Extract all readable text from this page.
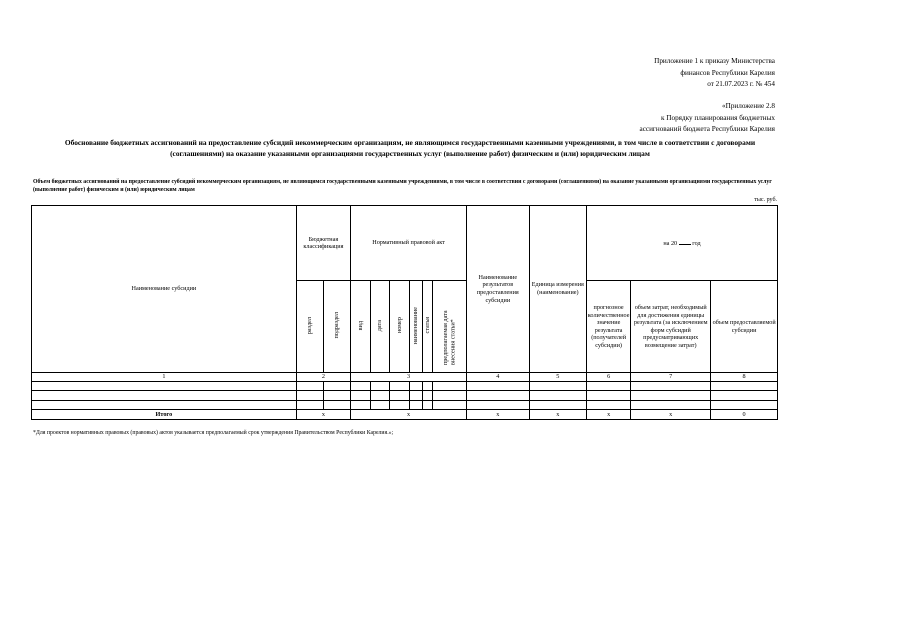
Приложение 1 к приказу Министерства
финансов Республики Карелия
от 21.07.2023 г. № 454
«Приложение 2.8
к Порядку планирования бюджетных
ассигнований бюджета Республики Карелия
Обоснование бюджетных ассигнований на предоставление субсидий некоммерческим организациям, не являющимся государственными казенными учреждениями, в том числе в соответствии с договорами (соглашениями) на оказание указанными организациями государственных услуг (выполнение работ) физическим и (или) юридическим лицам
Объем бюджетных ассигнований на предоставление субсидий некоммерческим организациям, не являющимся государственными казенными учреждениями, в том числе в соответствии с договорами (соглашениями) на оказание указанными организациями государственных услуг (выполнение работ) физическим и (или) юридическим лицам
тыс. руб.
Наименование субсидии	Бюджетная классификация		Нормативный правовой акт						Наименование результатов предоставления субсидии	Единица измерения (наименование)	на 20 год		
	раздел	подраздел	вид	дата	номер	наименование	статья	предполагаемая дата внесения статьи*			прогнозное количественное значение результата (получателей субсидии)	объем затрат, необходимый для достижения единицы результата (за исключением форм субсидий предусматривающих возмещение затрат)	объем предоставляемой субсидии
1	2		3						4	5	6	7	8

Итого	x		x						x	x	x	x	0
*Для проектов нормативных правовых (правовых) актов указывается предполагаемый срок утверждения Правительством Республики Карелия.»;
